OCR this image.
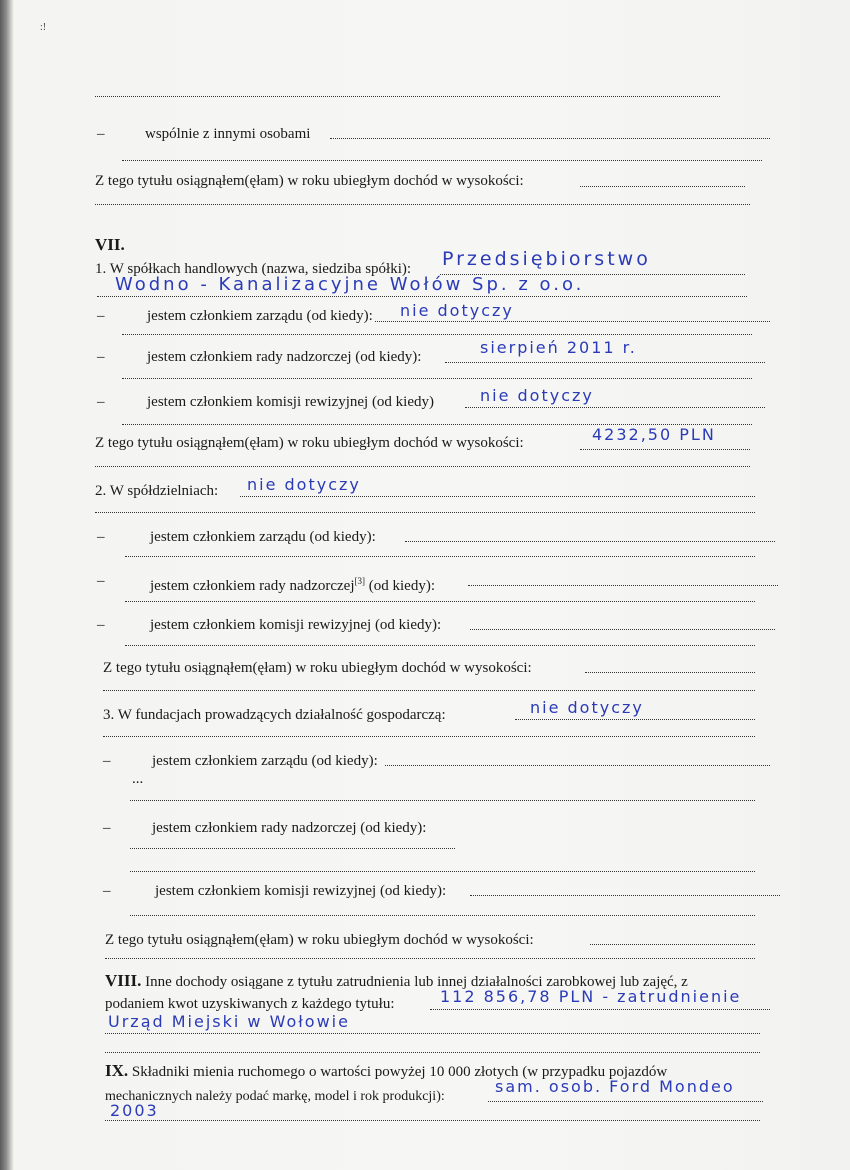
:!
–	wspólnie z innymi osobami
Z tego tytułu osiągnąłem(ęłam) w roku ubiegłym dochód w wysokości:
VII.
1. W spółkach handlowych (nazwa, siedziba spółki): Przedsiębiorstwo
Wodno - Kanalizacyjne Wołów Sp. z o.o.
–	jestem członkiem zarządu (od kiedy): nie dotyczy
–	jestem członkiem rady nadzorczej (od kiedy):	sierpień 2011 r.
–	jestem członkiem komisji rewizyjnej (od kiedy)	nie dotyczy
Z tego tytułu osiągnąłem(ęłam) w roku ubiegłym dochód w wysokości:	4232,50 PLN
2. W spółdzielniach: nie dotyczy
–	jestem członkiem zarządu (od kiedy):
–	jestem członkiem rady nadzorczej[3] (od kiedy):
–	jestem członkiem komisji rewizyjnej (od kiedy):
Z tego tytułu osiągnąłem(ęłam) w roku ubiegłym dochód w wysokości:
3. W fundacjach prowadzących działalność gospodarczą:	nie dotyczy
–	jestem członkiem zarządu (od kiedy):
...
–	jestem członkiem rady nadzorczej (od kiedy):
–	jestem członkiem komisji rewizyjnej (od kiedy):
Z tego tytułu osiągnąłem(ęłam) w roku ubiegłym dochód w wysokości:
VIII. Inne dochody osiągane z tytułu zatrudnienia lub innej działalności zarobkowej lub zajęć, z
podaniem kwot uzyskiwanych z każdego tytułu:	112 856,78 PLN - zatrudnienie
Urząd Miejski w Wołowie
IX. Składniki mienia ruchomego o wartości powyżej 10 000 złotych (w przypadku pojazdów
mechanicznych należy podać markę, model i rok produkcji):
sam. osob. Ford Mondeo
2003
